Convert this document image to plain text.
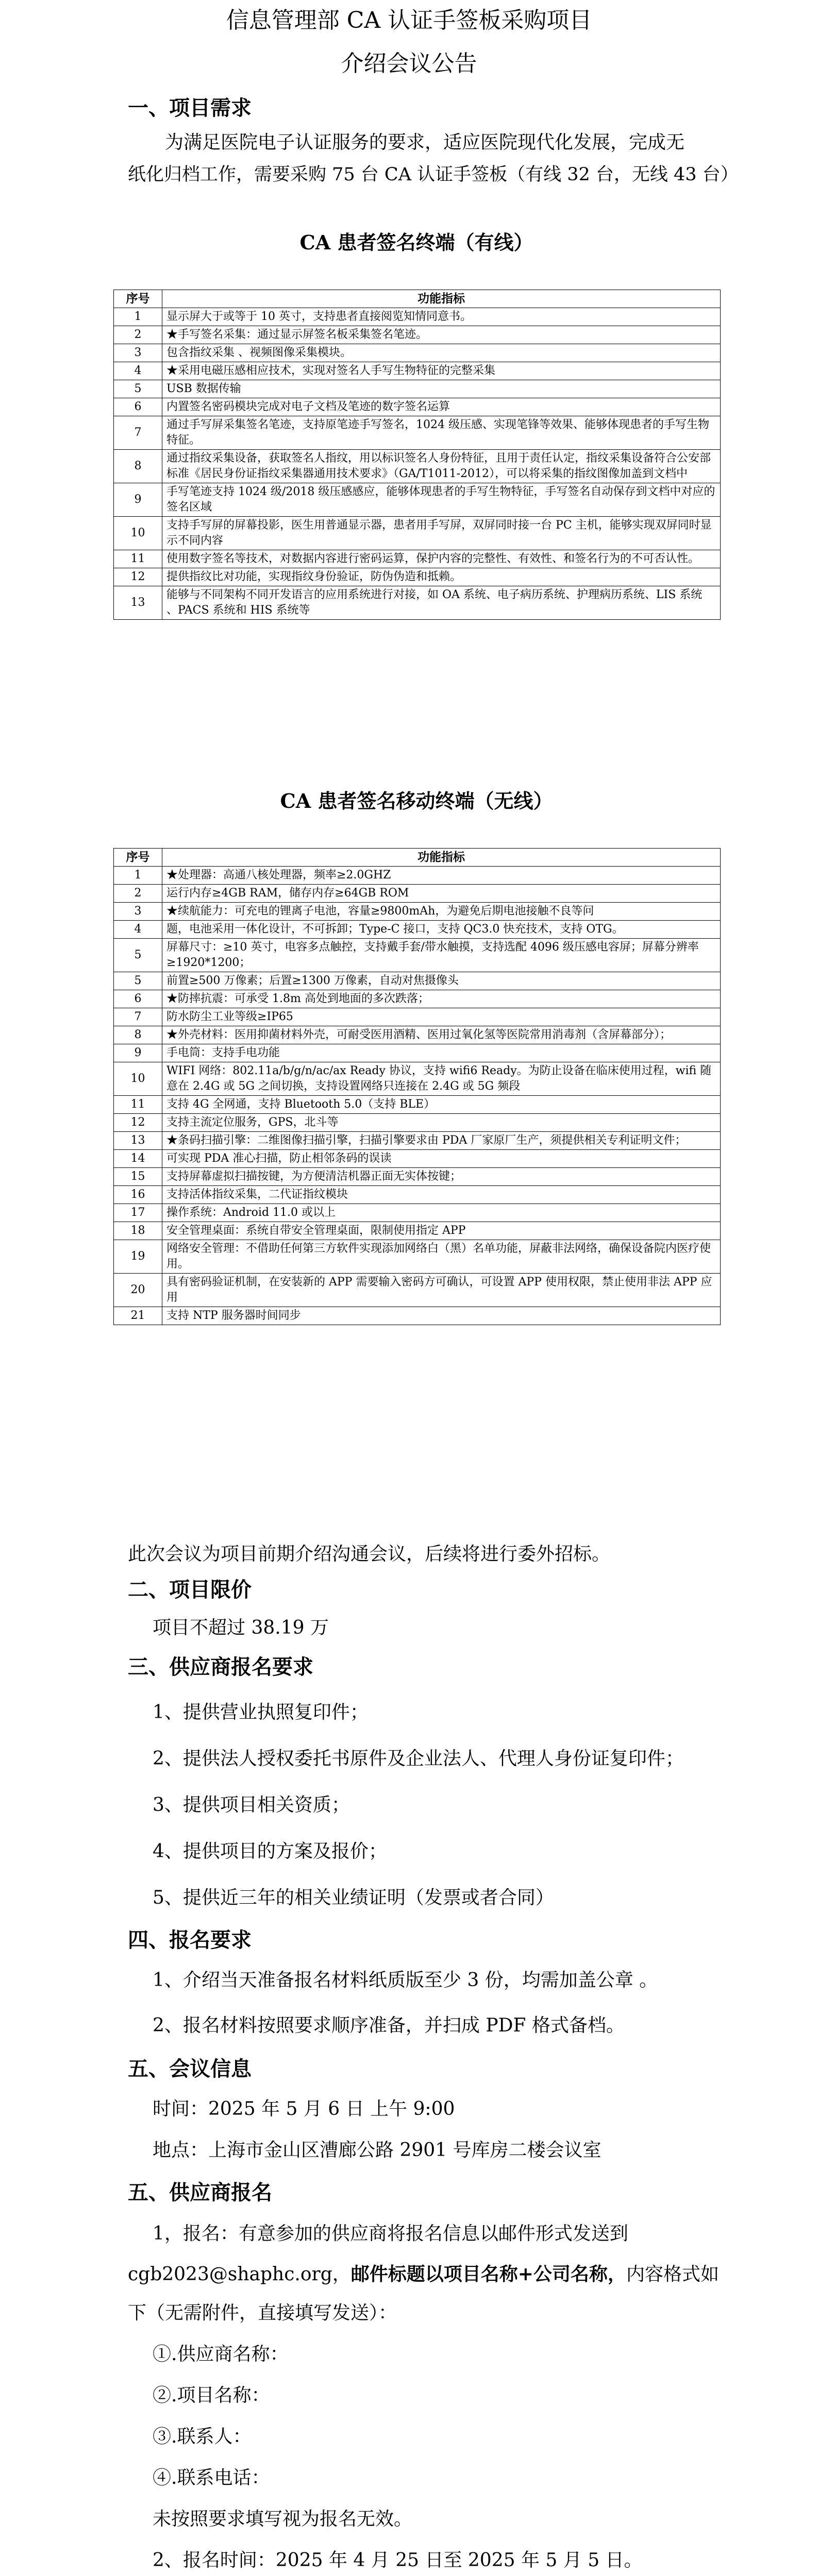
信息管理部 CA 认证手签板采购项目
介绍会议公告
一、项目需求
为满足医院电子认证服务的要求，适应医院现代化发展，完成无
纸化归档工作，需要采购 75 台 CA 认证手签板（有线 32 台，无线 43 台）
CA 患者签名终端（有线）
序号	功能指标
1	显示屏大于或等于 10 英寸，支持患者直接阅览知情同意书。
2	★手写签名采集：通过显示屏签名板采集签名笔迹。
3	包含指纹采集 、视频图像采集模块。
4	★采用电磁压感相应技术，实现对签名人手写生物特征的完整采集
5	USB 数据传输
6	内置签名密码模块完成对电子文档及笔迹的数字签名运算
7	通过手写屏采集签名笔迹，支持原笔迹手写签名，1024 级压感、实现笔锋等效果、能够体现患者的手写生物特征。
8	通过指纹采集设备，获取签名人指纹，用以标识签名人身份特征，且用于责任认定，指纹采集设备符合公安部标准《居民身份证指纹采集器通用技术要求》（GA/T1011-2012），可以将采集的指纹图像加盖到文档中
9	手写笔迹支持 1024 级/2018 级压感感应，能够体现患者的手写生物特征，手写签名自动保存到文档中对应的签名区域
10	支持手写屏的屏幕投影，医生用普通显示器，患者用手写屏，双屏同时接一台 PC 主机，能够实现双屏同时显示不同内容
11	使用数字签名等技术，对数据内容进行密码运算，保护内容的完整性、有效性、和签名行为的不可否认性。
12	提供指纹比对功能，实现指纹身份验证，防伪伪造和抵赖。
13	能够与不同架构不同开发语言的应用系统进行对接，如 OA 系统、电子病历系统、护理病历系统、LIS 系统 、PACS 系统和 HIS 系统等
CA 患者签名移动终端（无线）
序号	功能指标
1	★处理器：高通八核处理器，频率≥2.0GHZ
2	运行内存≥4GB RAM，储存内存≥64GB ROM
3	★续航能力：可充电的锂离子电池，容量≥9800mAh，为避免后期电池接触不良等问
4	题，电池采用一体化设计，不可拆卸；Type-C 接口，支持 QC3.0 快充技术，支持 OTG。
5	屏幕尺寸：≥10 英寸，电容多点触控，支持戴手套/带水触摸，支持选配 4096 级压感电容屏；屏幕分辨率≥1920*1200；
5	前置≥500 万像素；后置≥1300 万像素，自动对焦摄像头
6	★防摔抗震：可承受 1.8m 高处到地面的多次跌落；
7	防水防尘工业等级≥IP65
8	★外壳材料：医用抑菌材料外壳，可耐受医用酒精、医用过氧化氢等医院常用消毒剂（含屏幕部分）；
9	手电筒：支持手电功能
10	WIFI 网络：802.11a/b/g/n/ac/ax Ready 协议，支持 wifi6 Ready。为防止设备在临床使用过程，wifi 随意在 2.4G 或 5G 之间切换，支持设置网络只连接在 2.4G 或 5G 频段
11	支持 4G 全网通，支持 Bluetooth 5.0（支持 BLE）
12	支持主流定位服务，GPS，北斗等
13	★条码扫描引擎：二维图像扫描引擎，扫描引擎要求由 PDA 厂家原厂生产，须提供相关专利证明文件；
14	可实现 PDA 准心扫描，防止相邻条码的误读
15	支持屏幕虚拟扫描按键，为方便清洁机器正面无实体按键；
16	支持活体指纹采集，二代证指纹模块
17	操作系统：Android 11.0 或以上
18	安全管理桌面：系统自带安全管理桌面，限制使用指定 APP
19	网络安全管理：不借助任何第三方软件实现添加网络白（黑）名单功能，屏蔽非法网络，确保设备院内医疗使用。
20	具有密码验证机制，在安装新的 APP 需要输入密码方可确认，可设置 APP 使用权限，禁止使用非法 APP 应用
21	支持 NTP 服务器时间同步
此次会议为项目前期介绍沟通会议，后续将进行委外招标。
二、项目限价
项目不超过 38.19 万
三、供应商报名要求
1、提供营业执照复印件；
2、提供法人授权委托书原件及企业法人、代理人身份证复印件；
3、提供项目相关资质；
4、提供项目的方案及报价；
5、提供近三年的相关业绩证明（发票或者合同）
四、报名要求
1、介绍当天准备报名材料纸质版至少 3 份，均需加盖公章 。
2、报名材料按照要求顺序准备，并扫成 PDF 格式备档。
五、会议信息
时间：2025 年 5 月 6 日 上午 9:00
地点：上海市金山区漕廊公路 2901 号库房二楼会议室
五、供应商报名
1，报名：有意参加的供应商将报名信息以邮件形式发送到
cgb2023@shaphc.org，邮件标题以项目名称+公司名称，内容格式如
下（无需附件，直接填写发送）：
①.供应商名称：
②.项目名称：
③.联系人：
④.联系电话：
未按照要求填写视为报名无效。
2、报名时间：2025 年 4 月 25 日至 2025 年 5 月 5 日。
